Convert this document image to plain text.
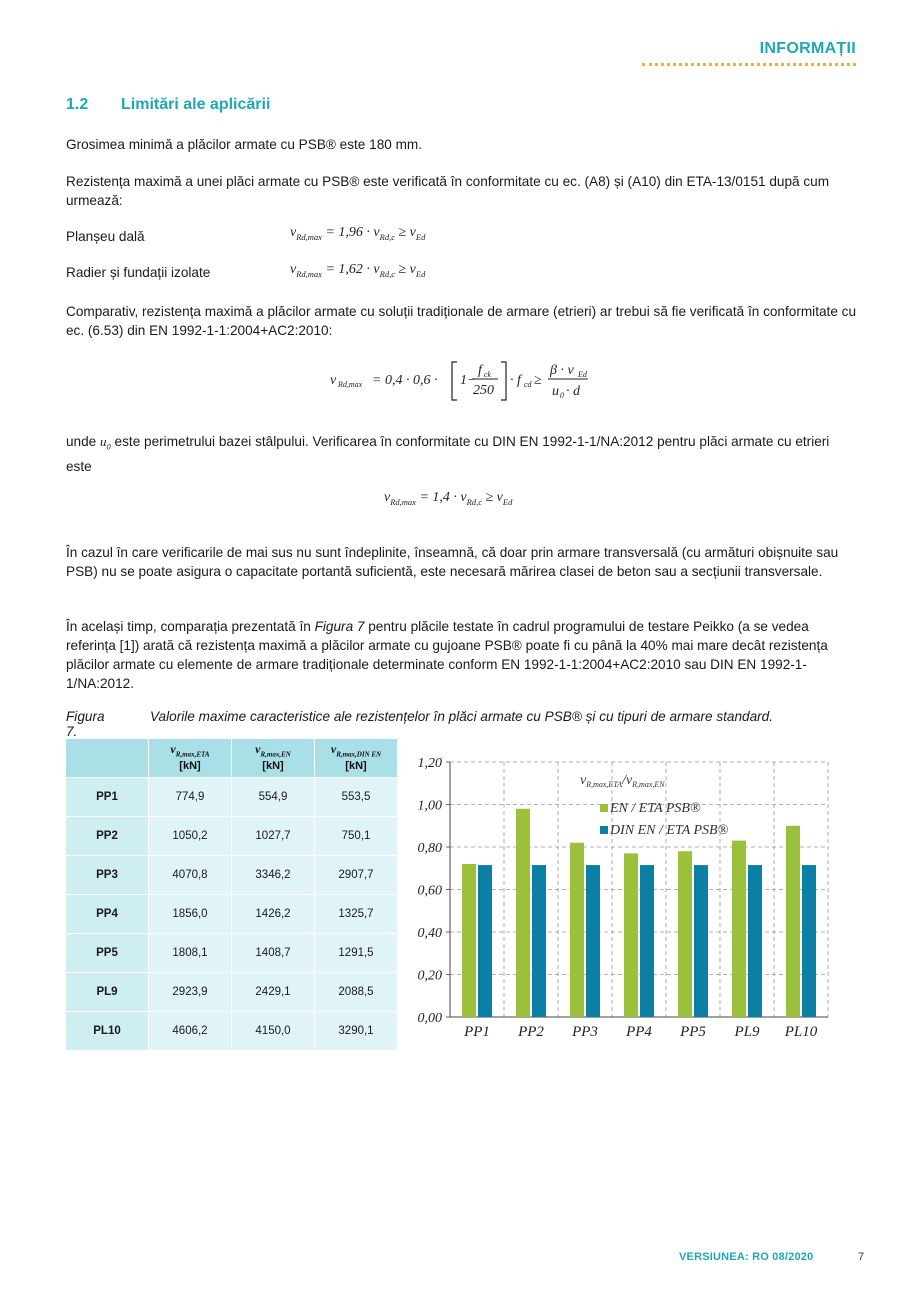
INFORMAȚII
1.2 Limitări ale aplicării
Grosimea minimă a plăcilor armate cu PSB® este 180 mm.
Rezistența maximă a unei plăci armate cu PSB® este verificată în conformitate cu ec. (A8) și (A10) din ETA-13/0151 după cum urmează:
Planșeu dală	$v_{Rd,max} = 1,96 \cdot v_{Rd,c} \ge v_{Ed}$
Radier și fundații izolate	$v_{Rd,max} = 1,62 \cdot v_{Rd,c} \ge v_{Ed}$
Comparativ, rezistența maximă a plăcilor armate cu soluții tradiționale de armare (etrieri) ar trebui să fie verificată în conformitate cu ec. (6.53) din EN 1992-1-1:2004+AC2:2010:
v Rd,max = 0,4 · 0,6 · 1−
f ck
250
· f cd ≥
β · v Ed
u 0 · d
unde $u_0$ este perimetrului bazei stâlpului. Verificarea în conformitate cu DIN EN 1992-1-1/NA:2012 pentru plăci armate cu etrieri este
$v_{Rd,max} = 1,4 \cdot v_{Rd,c} \ge v_{Ed}$
În cazul în care verificarile de mai sus nu sunt îndeplinite, înseamnă, că doar prin armare transversală (cu armături obișnuite sau PSB) nu se poate asigura o capacitate portantă suficientă, este necesară mărirea clasei de beton sau a secțiunii transversale.
În același timp, comparația prezentată în Figura 7 pentru plăcile testate în cadrul programului de testare Peikko (a se vedea referința [1]) arată că rezistența maximă a plăcilor armate cu gujoane PSB® poate fi cu până la 40% mai mare decât rezistența plăcilor armate cu elemente de armare tradiționale determinate conform EN 1992-1-1:2004+AC2:2010 sau DIN EN 1992-1-1/NA:2012.
Figura 7.
Valorile maxime caracteristice ale rezistențelor în plăci armate cu PSB® și cu tipuri de armare standard.
	$v_{R,max,ETA}$
[kN]	$v_{R,max,EN}$
[kN]	$v_{R,max,DIN EN}$
[kN]
PP1	774,9	554,9	553,5
PP2	1050,2	1027,7	750,1
PP3	4070,8	3346,2	2907,7
PP4	1856,0	1426,2	1325,7
PP5	1808,1	1408,7	1291,5
PL9	2923,9	2429,1	2088,5
PL10	4606,2	4150,0	3290,1
0,00
0,20
0,40
0,60
0,80
1,00
1,20
PP1 PP2 PP3 PP4 PP5 PL9 PL10
$v_{R,max,ETA}/v_{R,max,EN}$
EN / ETA PSB®
DIN EN / ETA PSB®
VERSIUNEA: RO 08/2020	7
